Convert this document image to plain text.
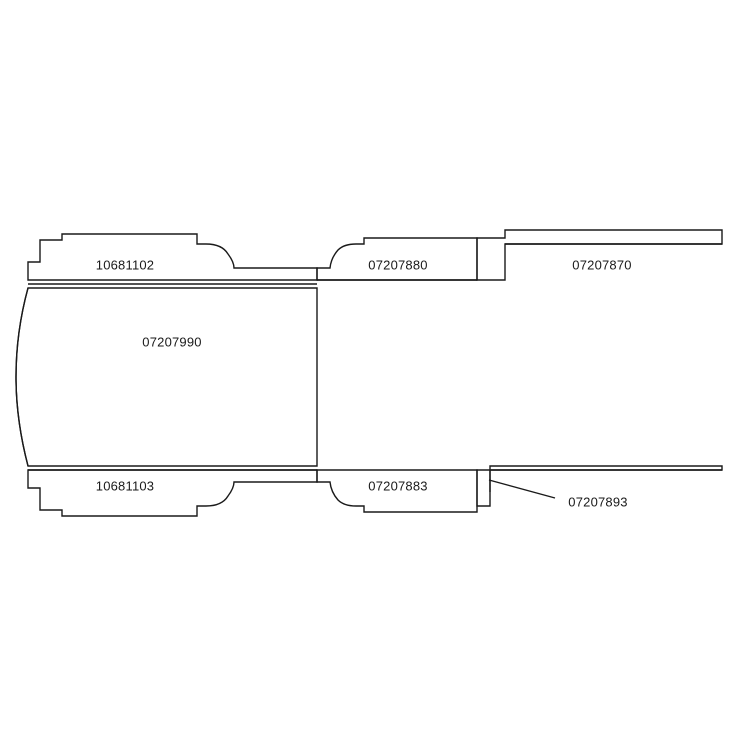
10681102	07207880	07207870
07207990
10681103	07207883
07207893
